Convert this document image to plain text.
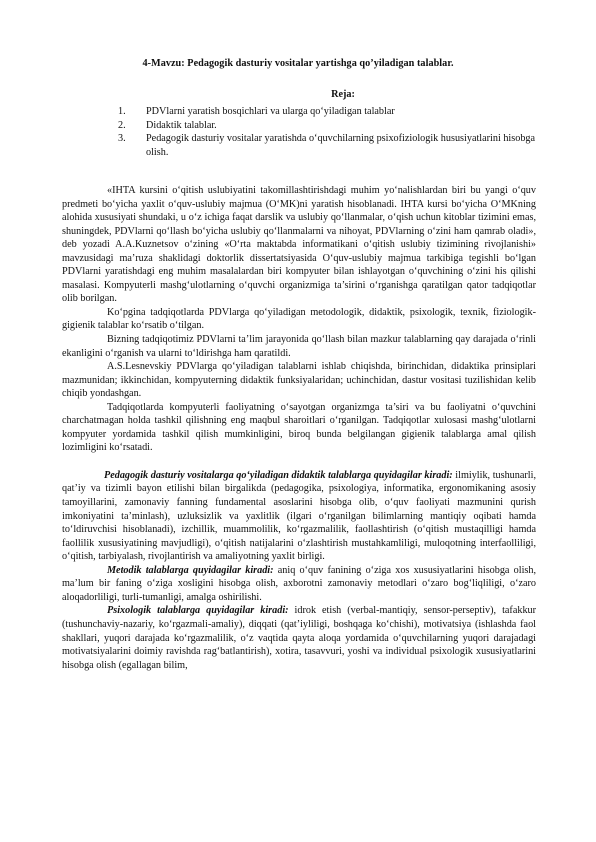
4-Mavzu: Pedagogik dasturiy vositalar yartishga qo’yiladigan talablar.
Reja:
1. PDVlarni yaratish bosqichlari va ularga qo‘yiladigan talablar
2. Didaktik talablar.
3. Pedagogik dasturiy vositalar yaratishda o‘quvchilarning psixofiziologik hususiyatlarini hisobga olish.

«IHTA kursini o‘qitish uslubiyatini takomillashtirishdagi muhim yo‘nalishlardan biri bu yangi o‘quv predmeti bo‘yicha yaxlit o‘quv-uslubiy majmua (O‘MK)ni yaratish hisoblanadi. IHTA kursi bo‘yicha O‘MKning alohida xususiyati shundaki, u o‘z ichiga faqat darslik va uslubiy qo‘llanmalar, o‘qish uchun kitoblar tizimini emas, shuningdek, PDVlarni qo‘llash bo‘yicha uslubiy qo‘llanmalarni va nihoyat, PDVlarning o‘zini ham qamrab oladi», deb yozadi A.A.Kuznetsov o‘zining «O‘rta maktabda informatikani o‘qitish uslubiy tizimining rivojlanishi» mavzusidagi ma’ruza shaklidagi doktorlik dissertatsiyasida O‘quv-uslubiy majmua tarkibiga tegishli bo‘lgan PDVlarni yaratishdagi eng muhim masalalardan biri kompyuter bilan ishlayotgan o‘quvchining o‘zini his qilishi masalasi. Kompyuterli mashg‘ulotlarning o‘quvchi organizmiga ta’sirini o‘rganishga qaratilgan qator tadqiqotlar olib borilgan.

Ko‘pgina tadqiqotlarda PDVlarga qo‘yiladigan metodologik, didaktik, psixologik, texnik, fiziologik-gigienik talablar ko‘rsatib o‘tilgan.

Bizning tadqiqotimiz PDVlarni ta’lim jarayonida qo‘llash bilan mazkur talablarning qay darajada o‘rinli ekanligini o‘rganish va ularni to‘ldirishga ham qaratildi.

A.S.Lesnevskiy PDVlarga qo‘yiladigan talablarni ishlab chiqishda, birinchidan, didaktika prinsiplari mazmunidan; ikkinchidan, kompyuterning didaktik funksiyalaridan; uchinchidan, dastur vositasi tuzilishidan kelib chiqib yondashgan.

Tadqiqotlarda kompyuterli faoliyatning o‘sayotgan organizmga ta’siri va bu faoliyatni o‘quvchini charchatmagan holda tashkil qilishning eng maqbul sharoitlari o‘rganilgan. Tadqiqotlar xulosasi mashg‘ulotlarni kompyuter yordamida tashkil qilish mumkinligini, biroq bunda belgilangan gigienik talablarga amal qilish lozimligini ko‘rsatadi.

Pedagogik dasturiy vositalarga qo‘yiladigan didaktik talablarga quyidagilar kiradi: ilmiylik, tushunarli, qat’iy va tizimli bayon etilishi bilan birgalikda (pedagogika, psixologiya, informatika, ergonomikaning asosiy tamoyillarini, zamonaviy fanning fundamental asoslarini hisobga olib, o‘quv faoliyati mazmunini qurish imkoniyatini ta’minlash), uzluksizlik va yaxlitlik (ilgari o‘rganilgan bilimlarning mantiqiy oqibati hamda to‘ldiruvchisi hisoblanadi), izchillik, muammolilik, ko‘rgazmalilik, faollashtirish (o‘qitish mustaqilligi hamda faollilik xususiyatining mavjudligi), o‘qitish natijalarini o‘zlashtirish mustahkamliligi, muloqotning interfaolliligi, o‘qitish, tarbiyalash, rivojlantirish va amaliyotning yaxlit birligi.

Metodik talablarga quyidagilar kiradi: aniq o‘quv fanining o‘ziga xos xususiyatlarini hisobga olish, ma’lum bir faning o‘ziga xosligini hisobga olish, axborotni zamonaviy metodlari o‘zaro bog‘liqliligi, o‘zaro aloqadorliligi, turli-tumanligi, amalga oshirilishi.

Psixologik talablarga quyidagilar kiradi: idrok etish (verbal-mantiqiy, sensor-perseptiv), tafakkur (tushunchaviy-nazariy, ko‘rgazmali-amaliy), diqqati (qat’iyliligi, boshqaga ko‘chishi), motivatsiya (ishlashda faol shakllari, yuqori darajada ko‘rgazmalilik, o‘z vaqtida qayta aloqa yordamida o‘quvchilarning yuqori darajadagi motivatsiyalarini doimiy ravishda rag‘batlantirish), xotira, tasavvuri, yoshi va individual psixologik xususiyatlarini hisobga olish (egallagan bilim,
